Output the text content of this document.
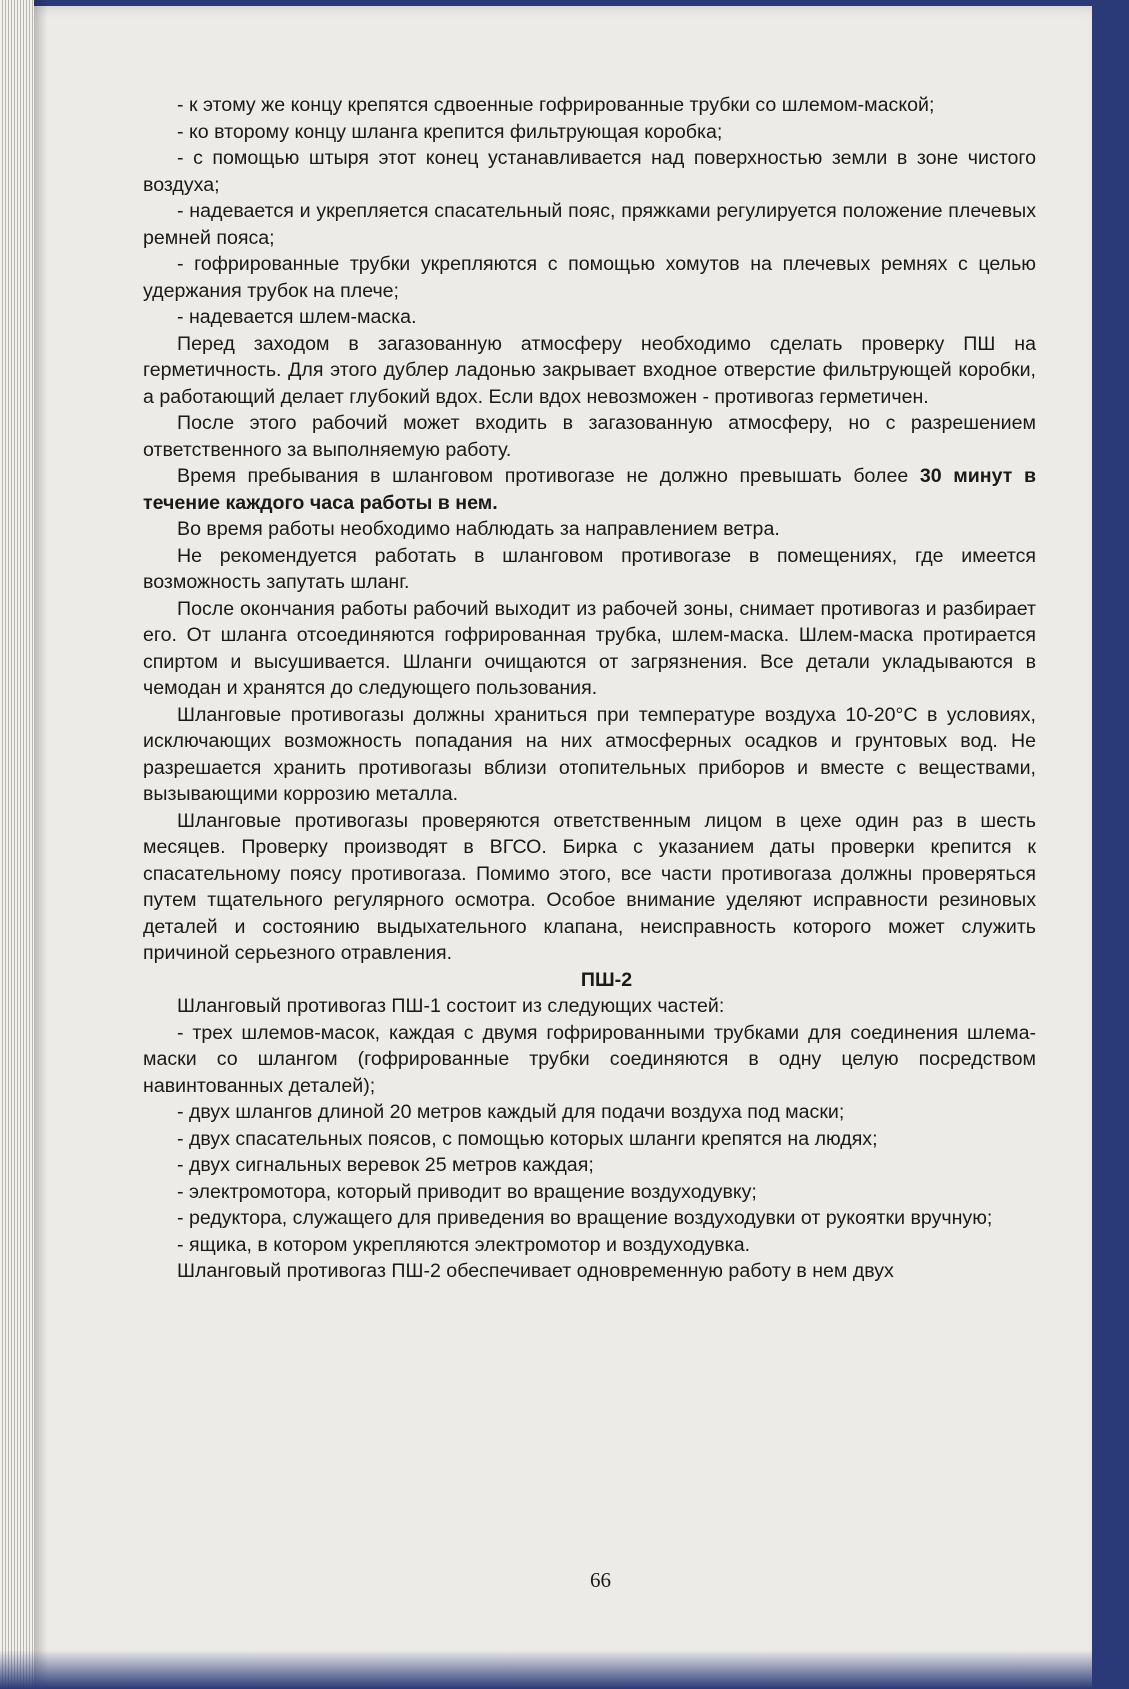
- к этому же концу крепятся сдвоенные гофрированные трубки со шлемом-маской;

- ко второму концу шланга крепится фильтрующая коробка;

- с помощью штыря этот конец устанавливается над поверхностью земли в зоне чистого воздуха;

- надевается и укрепляется спасательный пояс, пряжками регулируется положение плечевых ремней пояса;

- гофрированные трубки укрепляются с помощью хомутов на плечевых ремнях с целью удержания трубок на плече;

- надевается шлем-маска.

Перед заходом в загазованную атмосферу необходимо сделать проверку ПШ на герметичность. Для этого дублер ладонью закрывает входное отверстие фильтрующей коробки, а работающий делает глубокий вдох. Если вдох невозможен - противогаз герметичен.

После этого рабочий может входить в загазованную атмосферу, но с разрешением ответственного за выполняемую работу.

Время пребывания в шланговом противогазе не должно превышать более 30 минут в течение каждого часа работы в нем.

Во время работы необходимо наблюдать за направлением ветра.

Не рекомендуется работать в шланговом противогазе в помещениях, где имеется возможность запутать шланг.

После окончания работы рабочий выходит из рабочей зоны, снимает противогаз и разбирает его. От шланга отсоединяются гофрированная трубка, шлем-маска. Шлем-маска протирается спиртом и высушивается. Шланги очищаются от загрязнения. Все детали укладываются в чемодан и хранятся до следующего пользования.

Шланговые противогазы должны храниться при температуре воздуха 10-20°С в условиях, исключающих возможность попадания на них атмосферных осадков и грунтовых вод. Не разрешается хранить противогазы вблизи отопительных приборов и вместе с веществами, вызывающими коррозию металла.

Шланговые противогазы проверяются ответственным лицом в цехе один раз в шесть месяцев. Проверку производят в ВГСО. Бирка с указанием даты проверки крепится к спасательному поясу противогаза. Помимо этого, все части противогаза должны проверяться путем тщательного регулярного осмотра. Особое внимание уделяют исправности резиновых деталей и состоянию выдыхательного клапана, неисправность которого может служить причиной серьезного отравления.

ПШ-2

Шланговый противогаз ПШ-1 состоит из следующих частей:

- трех шлемов-масок, каждая с двумя гофрированными трубками для соединения шлема-маски со шлангом (гофрированные трубки соединяются в одну целую посредством навинтованных деталей);

- двух шлангов длиной 20 метров каждый для подачи воздуха под маски;

- двух спасательных поясов, с помощью которых шланги крепятся на людях;

- двух сигнальных веревок 25 метров каждая;

- электромотора, который приводит во вращение воздуходувку;

- редуктора, служащего для приведения во вращение воздуходувки от рукоятки вручную;

- ящика, в котором укрепляются электромотор и воздуходувка.

Шланговый противогаз ПШ-2 обеспечивает одновременную работу в нем двух

66
